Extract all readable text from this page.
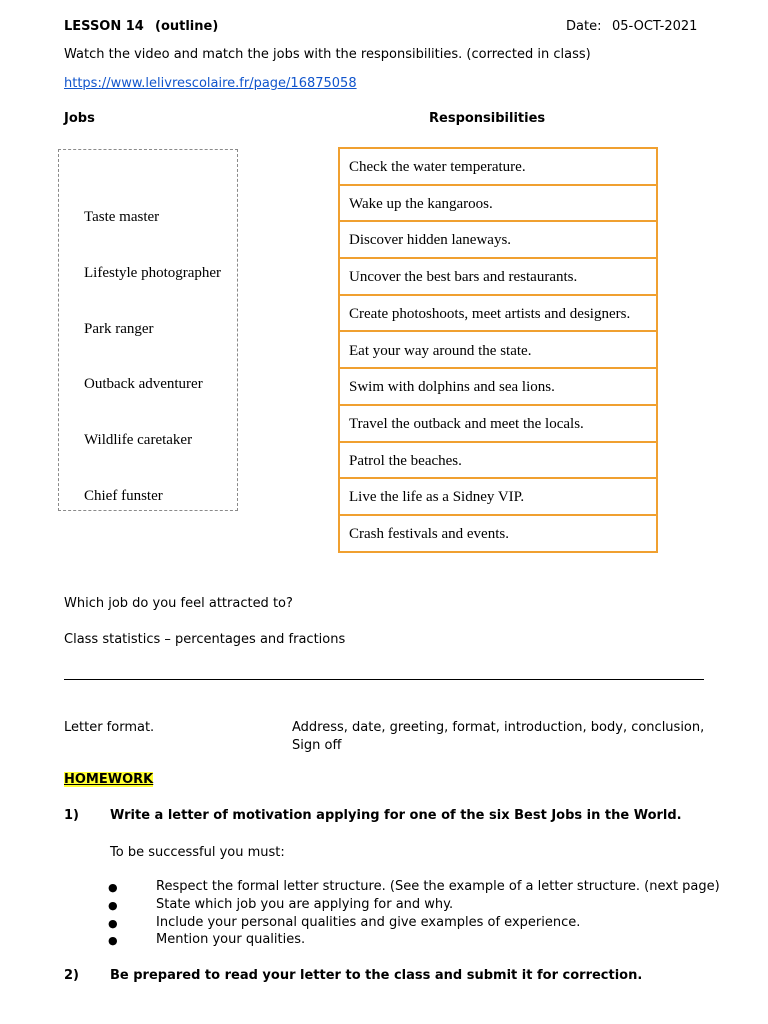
LESSON 14 (outline)	Date: 05-OCT-2021
Watch the video and match the jobs with the responsibilities. (corrected in class)
https://www.lelivrescolaire.fr/page/16875058
Jobs	Responsibilities
Taste master
Lifestyle photographer
Park ranger
Outback adventurer
Wildlife caretaker
Chief funster
Check the water temperature.
Wake up the kangaroos.
Discover hidden laneways.
Uncover the best bars and restaurants.
Create photoshoots, meet artists and designers.
Eat your way around the state.
Swim with dolphins and sea lions.
Travel the outback and meet the locals.
Patrol the beaches.
Live the life as a Sidney VIP.
Crash festivals and events.
Which job do you feel attracted to?
Class statistics – percentages and fractions
Letter format.	Address, date, greeting, format, introduction, body, conclusion,
Sign off
HOMEWORK
1) Write a letter of motivation applying for one of the six Best Jobs in the World.
To be successful you must:
●	Respect the formal letter structure. (See the example of a letter structure. (next page)
●	State which job you are applying for and why.
●	Include your personal qualities and give examples of experience.
●	Mention your qualities.
2) Be prepared to read your letter to the class and submit it for correction.
